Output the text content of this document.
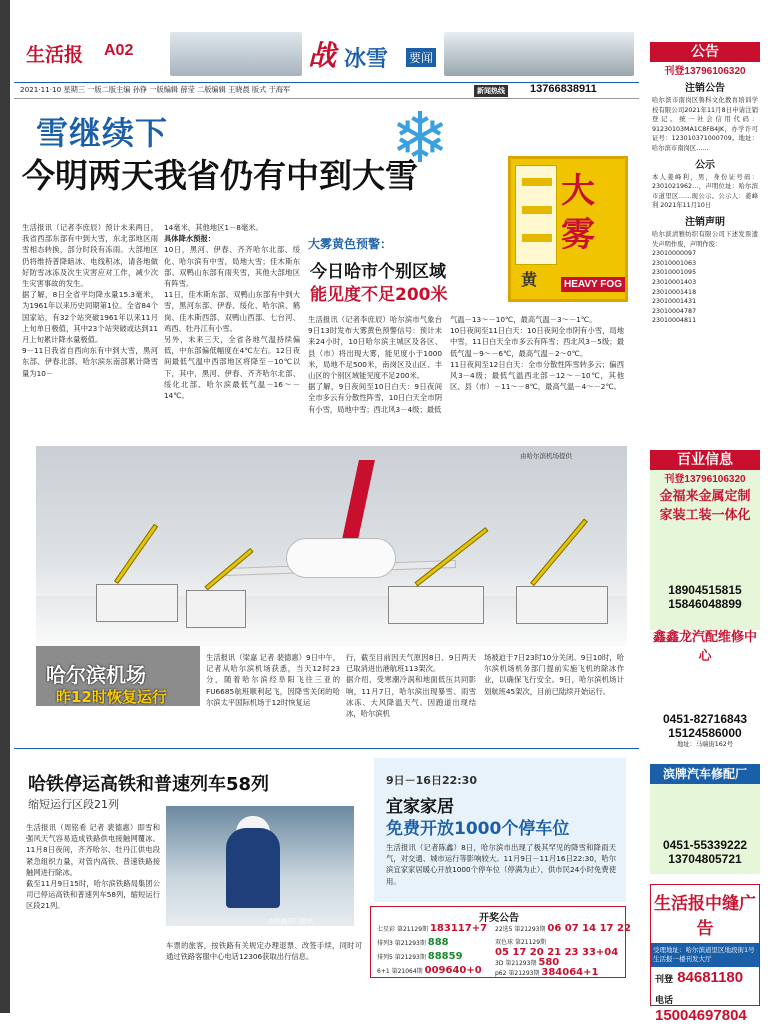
生活报 A02	战 冰雪 要闻
2021·11·10 星期三 一版二版主编 孙铮 一版编辑 薛莹 二版编辑 王晓晨 版式 于海军	新闻热线 13766838911
雪继续下
今明两天我省仍有中到大雪
❄
大
雾
黄	HEAVY FOG

生活报讯（记者李庶辰）预计未来两日，我省西部东部有中到大雪，东北部地区雨雪相态转换，部分时段有冻雨。大部地区仍将维持普降暗冰、电线积冰，请各地做好防雪冰冻及次生灾害应对工作，减少次生灾害事故的发生。

据了解，8日全省平均降水量15.3毫米，为1961年以来历史同期第1位。全省84个国家站，有32个站突破1961年以来11月上旬单日极值，其中23个站突破或达到11月上旬累计降水量极值。

9－11日我省自西向东有中到大雪，黑河东部、伊春北部、哈尔滨东南部累计降雪量为10－

14毫米，其他地区1－8毫米。

具体降水预报：

10日，黑河、伊春、齐齐哈尔北部、绥化、哈尔滨有中雪，局地大雪；佳木斯东部、双鸭山东部有雨夹雪，其他大部地区有阵雪。

11日，佳木斯东部、双鸭山东部有中到大雪，黑河东部、伊春、绥化、哈尔滨、鹤岗、佳木斯西部、双鸭山西部、七台河、鸡西、牡丹江有小雪。

另外，未来三天，全省各地气温持续偏低，中东部偏低幅度在4℃左右。12日夜间最低气温中西部地区将降至－10℃以下，其中，黑河、伊春、齐齐哈尔北部、绥化北部、哈尔滨最低气温－16～－14℃。

大雾黄色预警：
今日哈市个别区域
能见度不足200米

生活报讯（记者李庶辰）哈尔滨市气象台9日13时发布大雾黄色预警信号：预计未来24小时，10日哈尔滨主城区及各区、县（市）将出现大雾，能见度小于1000米，局地不足500米，南岗区及山区、丰山区的个别区域能见度不足200米。

据了解，9日夜间至10日白天：9日夜间全市多云有分散性阵雪，10日白天全市阴有小雪，局地中雪；西北风3－4级；最低

气温－13～－10℃，最高气温－3～－1℃。

10日夜间至11日白天：10日夜间全市阴有小雪，局地中雪，11日白天全市多云有阵雪；西北风3－5级；最低气温－9～－6℃，最高气温－2～0℃。

11日夜间至12日白天：全市分散性阵雪转多云；偏西风3－4级；最低气温西北部－12～－10℃，其他区、县（市）－11～－8℃，最高气温－4～－2℃。

由哈尔滨机场提供
哈尔滨机场
昨12时恢复运行

生活报讯（梁嘉 记者 裴德惠）9日中午，记者从哈尔滨机场获悉，当天12时23分，随着哈尔滨经阜阳飞往三亚的FU6685航班顺利起飞，因降雪关闭的哈尔滨太平国际机场于12时恢复运

行，截至目前因天气原因8日、9日两天已取消进出港航班113架次。

据介绍，受寒潮冷涡和地面低压共同影响，11月7日，哈尔滨出现暴雪、雨雪冰冻、大风降温天气。因跑道出现结冰，哈尔滨机

场被迫于7日23时10分关闭。9日10时，哈尔滨机场机务部门提前实施飞机的除冰作业，以确保飞行安全。9日，哈尔滨机场计划航班45架次，目前已陆续开始运行。

哈铁停运高铁和普速列车58列
缩短运行区段21列

生活报讯（周铭希 记者 裴德惠）即雪和强风天气容易造成铁路供电接触网覆冰。11月8日夜间，齐齐哈尔、牡丹江供电段紧急组织力量，对管内高铁、普速铁路接触网进行除冰。

截至11月9日15时，哈尔滨铁路局集团公司已停运高铁和普速列车58列，缩短运行区段21列。

由铁路部门提供

车票的旅客，按铁路有关规定办理退票、改签手续，同时可通过铁路客服中心电话12306获取出行信息。

9日－16日22:30
宜家家居
免费开放1000个停车位

生活报讯（记者陈鑫）8日，哈尔滨市出现了极其罕见的降雪和降雨天气，对交通、城市运行等影响较大。11月9日－11月16日22:30，哈尔滨宜家家居暖心开放1000个停车位（停满为止），供市民24小时免费使用。

开奖公告
七星彩 第21129期 183117+7
排列3 第21293期 888
排列5 第21293期 88859
6+1 第21064期 009640+0
22选5 第21293期 06 07 14 17 22
双色球 第21129期
05 17 20 21 23 33+04
3D 第21293期 580
p62 第21293期 384064+1
公告
刊登13796106320
注销公告
哈尔滨市南岗区鲁科文化教育培训学校有限公司2021年11月8日申请注销登记。统一社会信用代码：91230103MA1C8FB4JK，办学许可证号：123010371000709。地址：哈尔滨市南岗区……
公示
本人姜峰利，男，身份证号码：2301021962…，声明位址：哈尔滨市道里区……现公示。公示人：姜峰利 2021年11月10日
注销声明
哈尔滨清雅纺织有限公司下述发票遗失声明作废，声明作废：
23010000097
23010001063
23010001095
23010001403
23010001418
23010001431
23010004787
23010004811
百业信息
刊登13796106320
金福来金属定制
家装工装一体化
18904515815
15846048899
鑫鑫龙汽配维修中心
0451-82716843
15124586000
地址：马端街162号
滨牌汽车修配厂
0451-55339222
13704805721
生活报中缝广告
受理地址：哈尔滨道里区地段街1号生活报一楼刊发大厅
刊登 84681180
电话 15004697804
